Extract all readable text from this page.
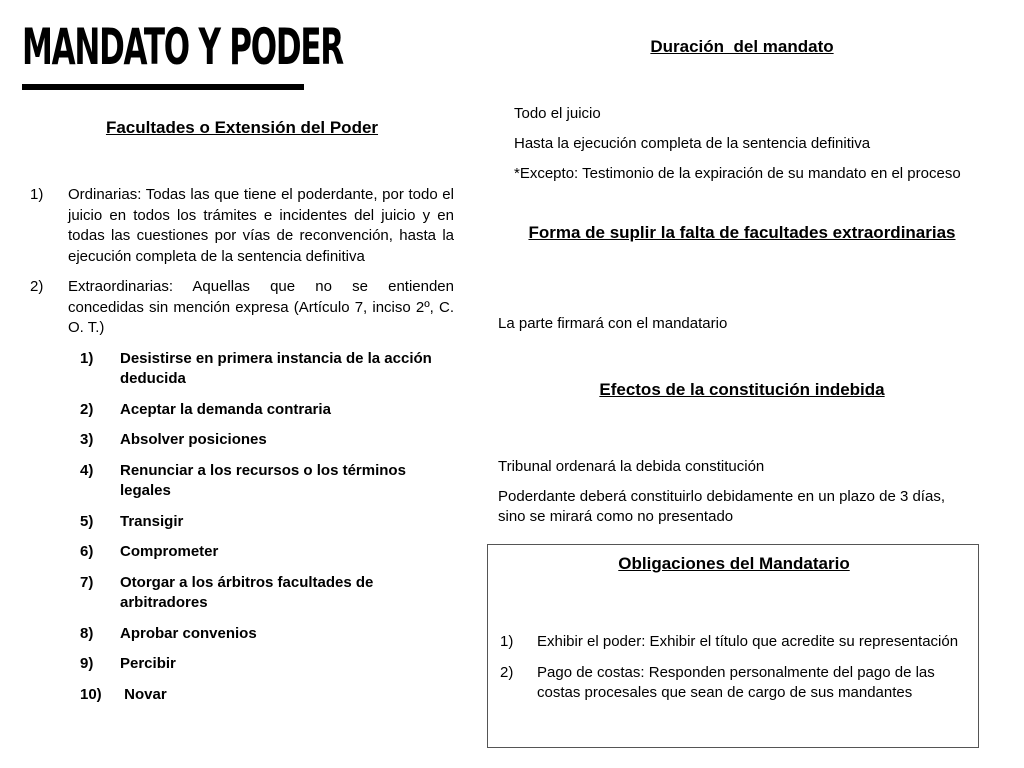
MANDATO Y PODER
Facultades o Extensión del Poder
1)	Ordinarias: Todas las que tiene el poderdante, por todo el juicio en todos los trámites e incidentes del juicio y en todas las cuestiones por vías de reconvención, hasta la ejecución completa de la sentencia definitiva
2)	Extraordinarias: Aquellas que no se entienden concedidas sin mención expresa (Artículo 7, inciso 2º, C. O. T.)
1)	Desistirse en primera instancia de la acción deducida
2)	Aceptar la demanda contraria
3)	Absolver posiciones
4)	Renunciar a los recursos o los términos legales
5)	Transigir
6)	Comprometer
7)	Otorgar a los árbitros facultades de arbitradores
8)	Aprobar convenios
9)	Percibir
10)	Novar
Duración  del mandato
Todo el juicio
Hasta la ejecución completa de la sentencia definitiva
*Excepto: Testimonio de la expiración de su mandato en el proceso
Forma de suplir la falta de facultades extraordinarias
La parte firmará con el mandatario
Efectos de la constitución indebida
Tribunal ordenará la debida constitución
Poderdante deberá constituirlo debidamente en un plazo de 3 días, sino se mirará como no presentado
Obligaciones del Mandatario
1)	Exhibir el poder: Exhibir el título que acredite su representación
2)	Pago de costas: Responden personalmente del pago de las costas procesales que sean de cargo de sus mandantes
